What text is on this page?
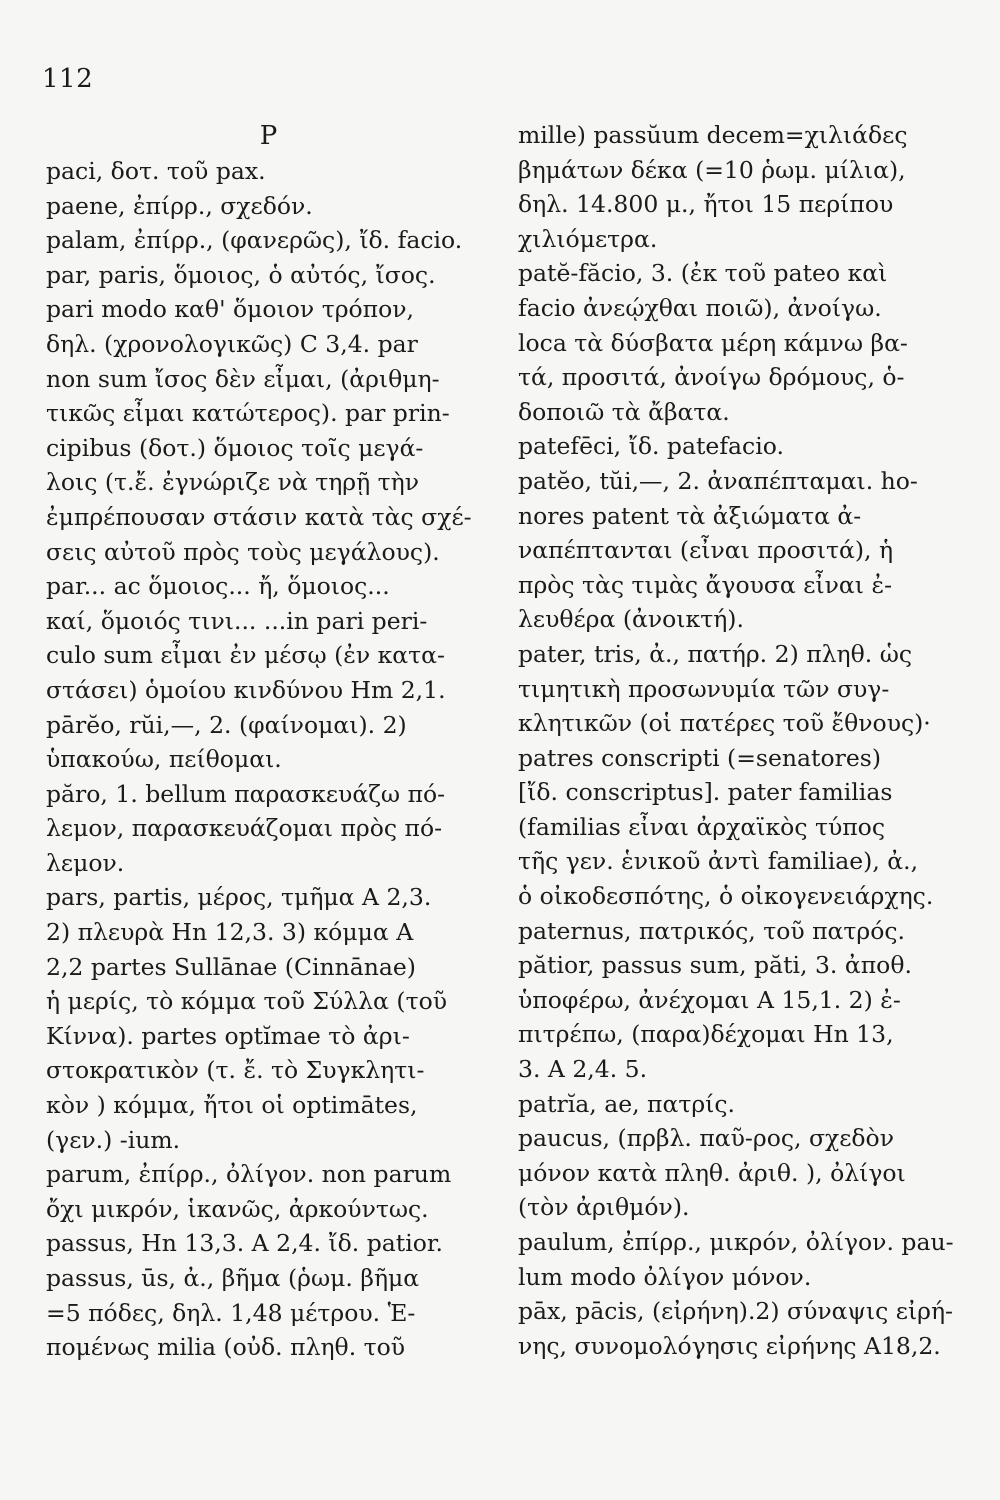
112
P
paci, δοτ. τοῦ pax.
paene, ἐπίρρ., σχεδόν.
palam, ἐπίρρ., (φανερῶς), ἴδ. facio.
par, paris, ὅμοιος, ὁ αὐτός, ἴσος.
pari modo καθ' ὅμοιον τρόπον,
δηλ. (χρονολογικῶς) C 3,4. par
non sum ἴσος δὲν εἶμαι, (ἀριθμη-
τικῶς εἶμαι κατώτερος). par prin-
cipibus (δοτ.) ὅμοιος τοῖς μεγά-
λοις (τ.ἔ. ἐγνώριζε νὰ τηρῇ τὴν
ἐμπρέπουσαν στάσιν κατὰ τὰς σχέ-
σεις αὐτοῦ πρὸς τοὺς μεγάλους).
par... ac ὅμοιος... ἤ, ὅμοιος...
καί, ὅμοιός τινι... ...in pari peri-
culo sum εἶμαι ἐν μέσῳ (ἐν κατα-
στάσει) ὁμοίου κινδύνου Hm 2,1.
pārĕo, rŭi,—, 2. (φαίνομαι). 2)
ὑπακούω, πείθομαι.
păro, 1. bellum παρασκευάζω πό-
λεμον, παρασκευάζομαι πρὸς πό-
λεμον.
pars, partis, μέρος, τμῆμα A 2,3.
2) πλευρὰ Hn 12,3. 3) κόμμα A
2,2 partes Sullānae (Cinnānae)
ἡ μερίς, τὸ κόμμα τοῦ Σύλλα (τοῦ
Κίννα). partes optĭmae τὸ ἀρι-
στοκρατικὸν (τ. ἔ. τὸ Συγκλητι-
κὸν ) κόμμα, ἤτοι οἱ optimātes,
(γεν.) -ium.
parum, ἐπίρρ., ὀλίγον. non parum
ὄχι μικρόν, ἱκανῶς, ἀρκούντως.
passus, Hn 13,3. A 2,4. ἴδ. patior.
passus, ūs, ἀ., βῆμα (ῥωμ. βῆμα
=5 πόδες, δηλ. 1,48 μέτρου. Ἑ-
πομένως milia (οὐδ. πληθ. τοῦ
mille) passŭum decem=χιλιάδες
βημάτων δέκα (=10 ῥωμ. μίλια),
δηλ. 14.800 μ., ἤτοι 15 περίπου
χιλιόμετρα.
patĕ-făcio, 3. (ἐκ τοῦ pateo καὶ
facio ἀνεῴχθαι ποιῶ), ἀνοίγω.
loca τὰ δύσβατα μέρη κάμνω βα-
τά, προσιτά, ἀνοίγω δρόμους, ὁ-
δοποιῶ τὰ ἄβατα.
patefēci, ἴδ. patefacio.
patĕo, tŭi,—, 2. ἀναπέπταμαι. ho-
nores patent τὰ ἀξιώματα ἀ-
ναπέπτανται (εἶναι προσιτά), ἡ
πρὸς τὰς τιμὰς ἄγουσα εἶναι ἐ-
λευθέρα (ἀνοικτή).
pater, tris, ἀ., πατήρ. 2) πληθ. ὡς
τιμητικὴ προσωνυμία τῶν συγ-
κλητικῶν (οἱ πατέρες τοῦ ἔθνους)·
patres conscripti (=senatores)
[ἴδ. conscriptus]. pater familias
(familias εἶναι ἀρχαϊκὸς τύπος
τῆς γεν. ἑνικοῦ ἀντὶ familiae), ἀ.,
ὁ οἰκοδεσπότης, ὁ οἰκογενειάρχης.
paternus, πατρικός, τοῦ πατρός.
pătior, passus sum, păti, 3. ἀποθ.
ὑποφέρω, ἀνέχομαι A 15,1. 2) ἐ-
πιτρέπω, (παρα)δέχομαι Hn 13,
3. A 2,4. 5.
patrĭa, ae, πατρίς.
paucus, (πρβλ. παῦ-ρος, σχεδὸν
μόνον κατὰ πληθ. ἀριθ. ), ὀλίγοι
(τὸν ἀριθμόν).
paulum, ἐπίρρ., μικρόν, ὀλίγον. pau-
lum modo ὀλίγον μόνον.
pāx, pācis, (εἰρήνη).2) σύναψις εἰρή-
νης, συνομολόγησις εἰρήνης A18,2.
